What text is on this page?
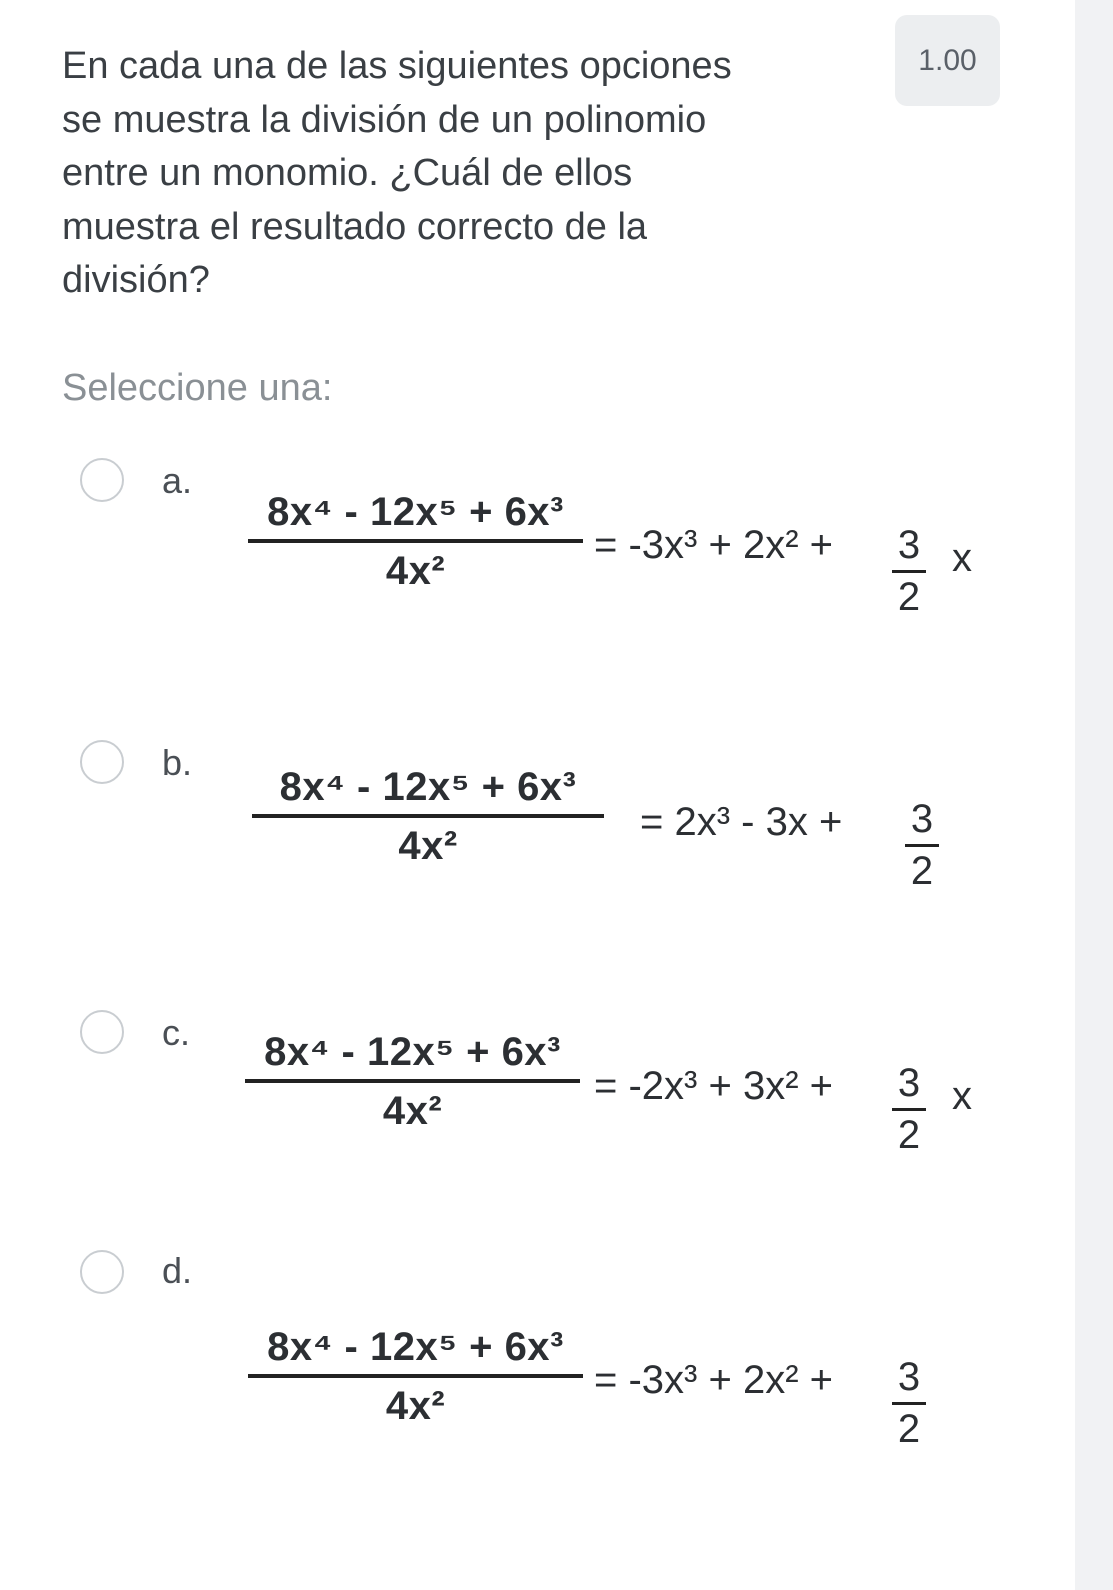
En cada una de las siguientes opciones
se muestra la división de un polinomio
entre un monomio. ¿Cuál de ellos
muestra el resultado correcto de la
división?
1.00
Seleccione una:
a.
8x⁴ - 12x⁵ + 6x³
4x²
= -3x³ + 2x² + 3
2
x
b.
8x⁴ - 12x⁵ + 6x³
4x²
= 2x³ - 3x + 3
2
c.	8x⁴ - 12x⁵ + 6x³
4x²
= -2x³ + 3x² + 3
2
x
d.
8x⁴ - 12x⁵ + 6x³
4x²
= -3x³ + 2x² + 3
2
